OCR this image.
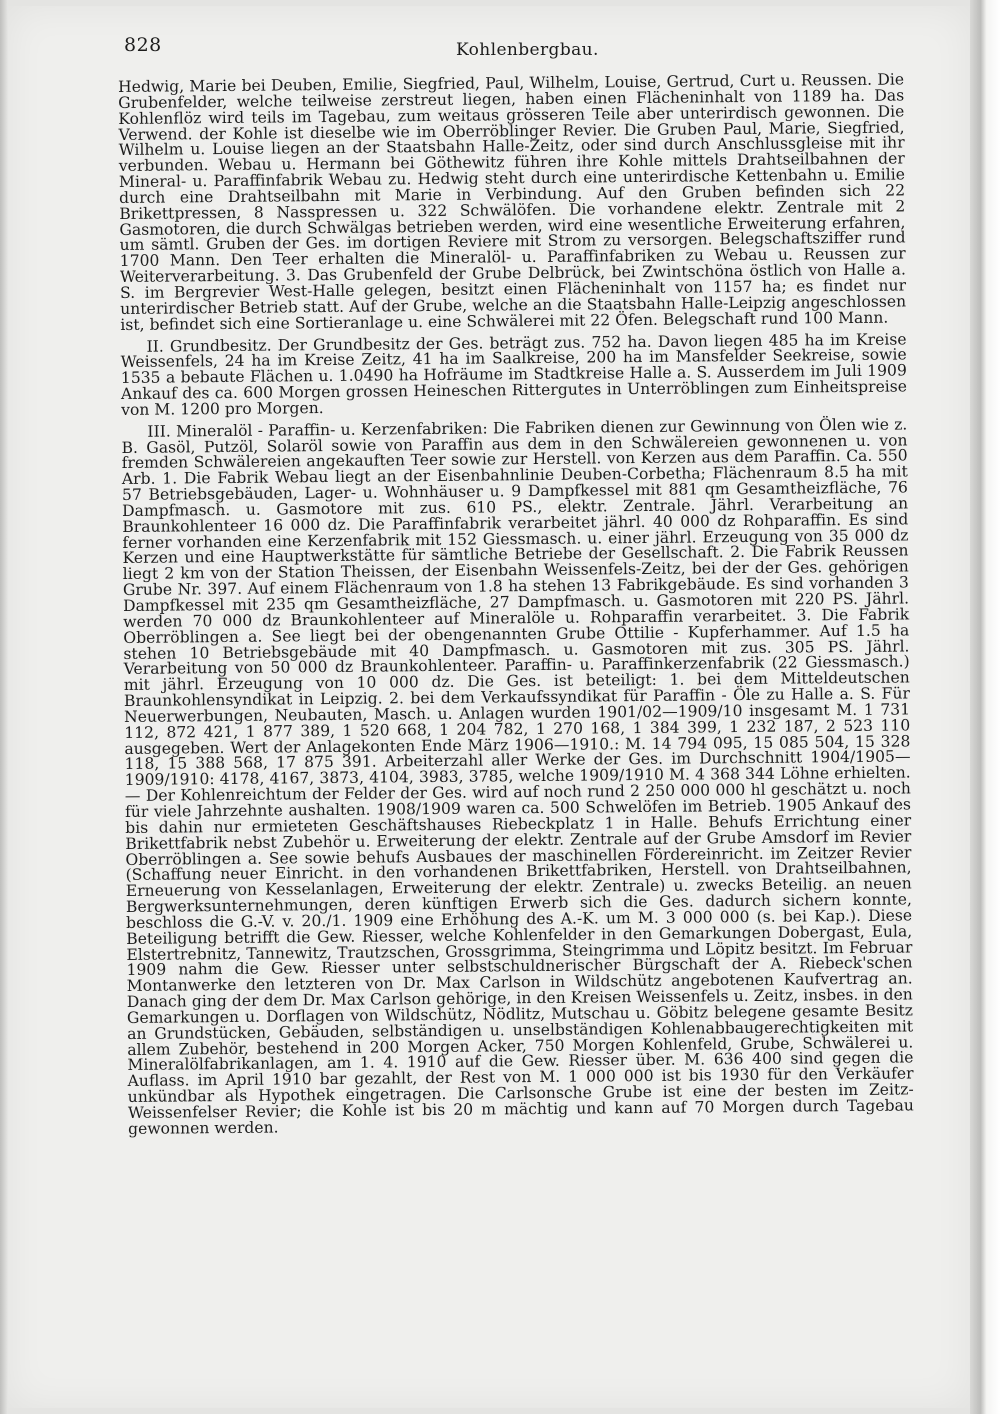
828	Kohlenbergbau.

Hedwig, Marie bei Deuben, Emilie, Siegfried, Paul, Wilhelm, Louise, Gertrud, Curt u. Reussen. Die Grubenfelder, welche teilweise zerstreut liegen, haben einen Flächeninhalt von 1189 ha. Das Kohlenflöz wird teils im Tagebau, zum weitaus grösseren Teile aber unterirdisch gewonnen. Die Verwend. der Kohle ist dieselbe wie im Oberröblinger Revier. Die Gruben Paul, Marie, Siegfried, Wilhelm u. Louise liegen an der Staatsbahn Halle-Zeitz, oder sind durch Anschlussgleise mit ihr verbunden. Webau u. Hermann bei Göthewitz führen ihre Kohle mittels Drahtseilbahnen der Mineral- u. Paraffinfabrik Webau zu. Hedwig steht durch eine unterirdische Kettenbahn u. Emilie durch eine Drahtseilbahn mit Marie in Verbindung. Auf den Gruben befinden sich 22 Brikettpressen, 8 Nasspressen u. 322 Schwälöfen. Die vorhandene elektr. Zentrale mit 2 Gasmotoren, die durch Schwälgas betrieben werden, wird eine wesentliche Erweiterung erfahren, um sämtl. Gruben der Ges. im dortigen Reviere mit Strom zu versorgen. Belegschaftsziffer rund 1700 Mann. Den Teer erhalten die Mineralöl- u. Paraffinfabriken zu Webau u. Reussen zur Weiterverarbeitung. 3. Das Grubenfeld der Grube Delbrück, bei Zwintschöna östlich von Halle a. S. im Bergrevier West-Halle gelegen, besitzt einen Flächeninhalt von 1157 ha; es findet nur unterirdischer Betrieb statt. Auf der Grube, welche an die Staatsbahn Halle-Leipzig angeschlossen ist, befindet sich eine Sortieranlage u. eine Schwälerei mit 22 Öfen. Belegschaft rund 100 Mann.

II. Grundbesitz. Der Grundbesitz der Ges. beträgt zus. 752 ha. Davon liegen 485 ha im Kreise Weissenfels, 24 ha im Kreise Zeitz, 41 ha im Saalkreise, 200 ha im Mansfelder Seekreise, sowie 1535 a bebaute Flächen u. 1.0490 ha Hofräume im Stadtkreise Halle a. S. Ausserdem im Juli 1909 Ankauf des ca. 600 Morgen grossen Heineschen Rittergutes in Unterröblingen zum Einheitspreise von M. 1200 pro Morgen.

III. Mineralöl - Paraffin- u. Kerzenfabriken: Die Fabriken dienen zur Gewinnung von Ölen wie z. B. Gasöl, Putzöl, Solaröl sowie von Paraffin aus dem in den Schwälereien gewonnenen u. von fremden Schwälereien angekauften Teer sowie zur Herstell. von Kerzen aus dem Paraffin. Ca. 550 Arb. 1. Die Fabrik Webau liegt an der Eisenbahnlinie Deuben-Corbetha; Flächenraum 8.5 ha mit 57 Betriebsgebäuden, Lager- u. Wohnhäuser u. 9 Dampfkessel mit 881 qm Gesamtheizfläche, 76 Dampfmasch. u. Gasmotore mit zus. 610 PS., elektr. Zentrale. Jährl. Verarbeitung an Braunkohlenteer 16 000 dz. Die Paraffinfabrik verarbeitet jährl. 40 000 dz Rohparaffin. Es sind ferner vorhanden eine Kerzenfabrik mit 152 Giessmasch. u. einer jährl. Erzeugung von 35 000 dz Kerzen und eine Hauptwerkstätte für sämtliche Betriebe der Gesellschaft. 2. Die Fabrik Reussen liegt 2 km von der Station Theissen, der Eisenbahn Weissenfels-Zeitz, bei der der Ges. gehörigen Grube Nr. 397. Auf einem Flächenraum von 1.8 ha stehen 13 Fabrikgebäude. Es sind vorhanden 3 Dampfkessel mit 235 qm Gesamtheizfläche, 27 Dampfmasch. u. Gasmotoren mit 220 PS. Jährl. werden 70 000 dz Braunkohlenteer auf Mineralöle u. Rohparaffin verarbeitet. 3. Die Fabrik Oberröblingen a. See liegt bei der obengenannten Grube Ottilie - Kupferhammer. Auf 1.5 ha stehen 10 Betriebsgebäude mit 40 Dampfmasch. u. Gasmotoren mit zus. 305 PS. Jährl. Verarbeitung von 50 000 dz Braunkohlenteer. Paraffin- u. Paraffinkerzenfabrik (22 Giessmasch.) mit jährl. Erzeugung von 10 000 dz. Die Ges. ist beteiligt: 1. bei dem Mitteldeutschen Braunkohlensyndikat in Leipzig. 2. bei dem Verkaufssyndikat für Paraffin - Öle zu Halle a. S. Für Neuerwerbungen, Neubauten, Masch. u. Anlagen wurden 1901/02—1909/10 insgesamt M. 1 731 112, 872 421, 1 877 389, 1 520 668, 1 204 782, 1 270 168, 1 384 399, 1 232 187, 2 523 110 ausgegeben. Wert der Anlagekonten Ende März 1906—1910.: M. 14 794 095, 15 085 504, 15 328 118, 15 388 568, 17 875 391. Arbeiterzahl aller Werke der Ges. im Durchschnitt 1904/1905—1909/1910: 4178, 4167, 3873, 4104, 3983, 3785, welche 1909/1910 M. 4 368 344 Löhne erhielten. — Der Kohlenreichtum der Felder der Ges. wird auf noch rund 2 250 000 000 hl geschätzt u. noch für viele Jahrzehnte aushalten. 1908/1909 waren ca. 500 Schwelöfen im Betrieb. 1905 Ankauf des bis dahin nur ermieteten Geschäftshauses Riebeckplatz 1 in Halle. Behufs Errichtung einer Brikettfabrik nebst Zubehör u. Erweiterung der elektr. Zentrale auf der Grube Amsdorf im Revier Oberröblingen a. See sowie behufs Ausbaues der maschinellen Fördereinricht. im Zeitzer Revier (Schaffung neuer Einricht. in den vorhandenen Brikettfabriken, Herstell. von Drahtseilbahnen, Erneuerung von Kesselanlagen, Erweiterung der elektr. Zentrale) u. zwecks Beteilig. an neuen Bergwerksunternehmungen, deren künftigen Erwerb sich die Ges. dadurch sichern konnte, beschloss die G.-V. v. 20./1. 1909 eine Erhöhung des A.-K. um M. 3 000 000 (s. bei Kap.). Diese Beteiligung betrifft die Gew. Riesser, welche Kohlenfelder in den Gemarkungen Dobergast, Eula, Elstertrebnitz, Tannewitz, Trautzschen, Grossgrimma, Steingrimma und Löpitz besitzt. Im Februar 1909 nahm die Gew. Riesser unter selbstschuldnerischer Bürgschaft der A. Riebeck'schen Montanwerke den letzteren von Dr. Max Carlson in Wildschütz angebotenen Kaufvertrag an. Danach ging der dem Dr. Max Carlson gehörige, in den Kreisen Weissenfels u. Zeitz, insbes. in den Gemarkungen u. Dorflagen von Wildschütz, Nödlitz, Mutschau u. Göbitz belegene gesamte Besitz an Grundstücken, Gebäuden, selbständigen u. unselbständigen Kohlenabbaugerechtigkeiten mit allem Zubehör, bestehend in 200 Morgen Acker, 750 Morgen Kohlenfeld, Grube, Schwälerei u. Mineralölfabrikanlagen, am 1. 4. 1910 auf die Gew. Riesser über. M. 636 400 sind gegen die Auflass. im April 1910 bar gezahlt, der Rest von M. 1 000 000 ist bis 1930 für den Verkäufer unkündbar als Hypothek eingetragen. Die Carlsonsche Grube ist eine der besten im Zeitz-Weissenfelser Revier; die Kohle ist bis 20 m mächtig und kann auf 70 Morgen durch Tagebau gewonnen werden.
